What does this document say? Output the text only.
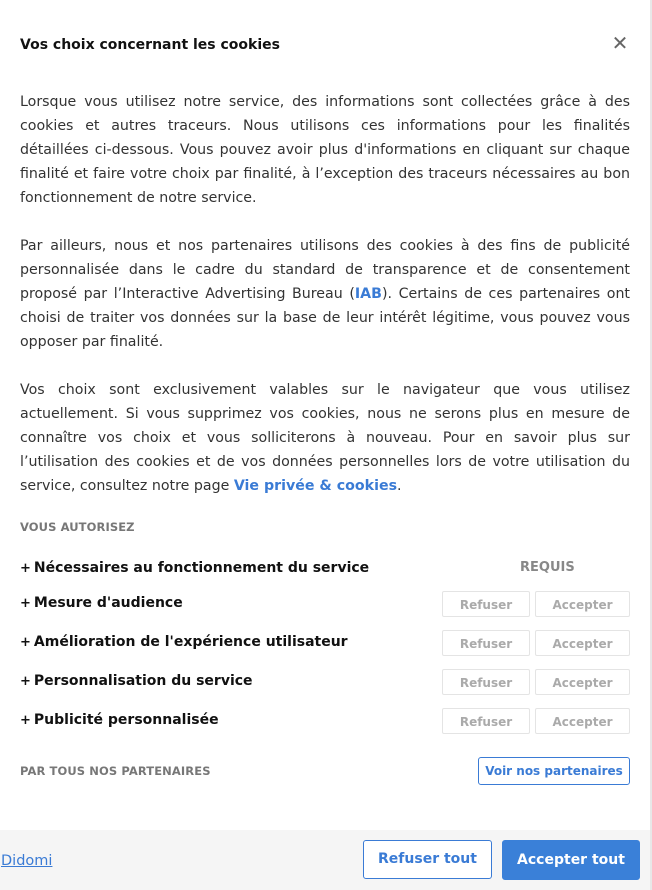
Vos choix concernant les cookies	✕

Lorsque vous utilisez notre service, des informations sont collectées grâce à des cookies et autres traceurs. Nous utilisons ces informations pour les finalités détaillées ci-dessous. Vous pouvez avoir plus d'informations en cliquant sur chaque finalité et faire votre choix par finalité, à l’exception des traceurs nécessaires au bon fonctionnement de notre service.

Par ailleurs, nous et nos partenaires utilisons des cookies à des fins de publicité personnalisée dans le cadre du standard de transparence et de consentement proposé par l’Interactive Advertising Bureau (IAB). Certains de ces partenaires ont choisi de traiter vos données sur la base de leur intérêt légitime, vous pouvez vous opposer par finalité.

Vos choix sont exclusivement valables sur le navigateur que vous utilisez actuellement. Si vous supprimez vos cookies, nous ne serons plus en mesure de connaître vos choix et vous solliciterons à nouveau. Pour en savoir plus sur l’utilisation des cookies et de vos données personnelles lors de votre utilisation du service, consultez notre page Vie privée & cookies.

VOUS AUTORISEZ
+ Nécessaires au fonctionnement du service	REQUIS
+ Mesure d'audience	Refuser	Accepter
+ Amélioration de l'expérience utilisateur	Refuser	Accepter
+ Personnalisation du service	Refuser	Accepter
+ Publicité personnalisée	Refuser	Accepter
PAR TOUS NOS PARTENAIRES	Voir nos partenaires
Didomi	Refuser tout	Accepter tout
